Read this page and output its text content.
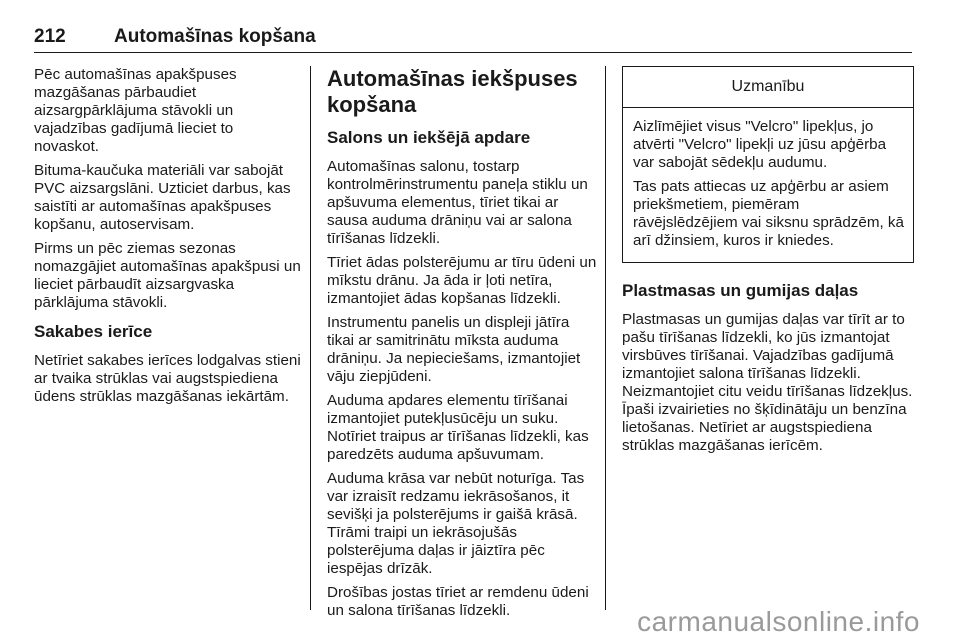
212	Automašīnas kopšana

Pēc automašīnas apakšpuses mazgāšanas pārbaudiet aizsargpārklājuma stāvokli un vajadzības gadījumā lieciet to novaskot.

Bituma-kaučuka materiāli var sabojāt PVC aizsargslāni. Uzticiet darbus, kas saistīti ar automašīnas apakšpuses kopšanu, autoservisam.

Pirms un pēc ziemas sezonas nomazgājiet automašīnas apakšpusi un lieciet pārbaudīt aizsargvaska pārklājuma stāvokli.

Sakabes ierīce

Netīriet sakabes ierīces lodgalvas stieni ar tvaika strūklas vai augstspiediena ūdens strūklas mazgāšanas iekārtām.

Automašīnas iekšpuses kopšana
Salons un iekšējā apdare

Automašīnas salonu, tostarp kontrolmērinstrumentu paneļa stiklu un apšuvuma elementus, tīriet tikai ar sausa auduma drāniņu vai ar salona tīrīšanas līdzekli.

Tīriet ādas polsterējumu ar tīru ūdeni un mīkstu drānu. Ja āda ir ļoti netīra, izmantojiet ādas kopšanas līdzekli.

Instrumentu panelis un displeji jātīra tikai ar samitrinātu mīksta auduma drāniņu. Ja nepieciešams, izmantojiet vāju ziepjūdeni.

Auduma apdares elementu tīrīšanai izmantojiet putekļusūcēju un suku. Notīriet traipus ar tīrīšanas līdzekli, kas paredzēts auduma apšuvumam.

Auduma krāsa var nebūt noturīga. Tas var izraisīt redzamu iekrāsošanos, it sevišķi ja polsterējums ir gaišā krāsā. Tīrāmi traipi un iekrāsojušās polsterējuma daļas ir jāiztīra pēc iespējas drīzāk.

Drošības jostas tīriet ar remdenu ūdeni un salona tīrīšanas līdzekli.

Uzmanību

Aizlīmējiet visus "Velcro" lipekļus, jo atvērti "Velcro" lipekļi uz jūsu apģērba var sabojāt sēdekļu audumu.

Tas pats attiecas uz apģērbu ar asiem priekšmetiem, piemēram rāvējslēdzējiem vai siksnu sprādzēm, kā arī džinsiem, kuros ir kniedes.

Plastmasas un gumijas daļas

Plastmasas un gumijas daļas var tīrīt ar to pašu tīrīšanas līdzekli, ko jūs izmantojat virsbūves tīrīšanai. Vajadzības gadījumā izmantojiet salona tīrīšanas līdzekli. Neizmantojiet citu veidu tīrīšanas līdzekļus. Īpaši izvairieties no šķīdinātāju un benzīna lietošanas. Netīriet ar augstspiediena strūklas mazgāšanas ierīcēm.

carmanualsonline.info
